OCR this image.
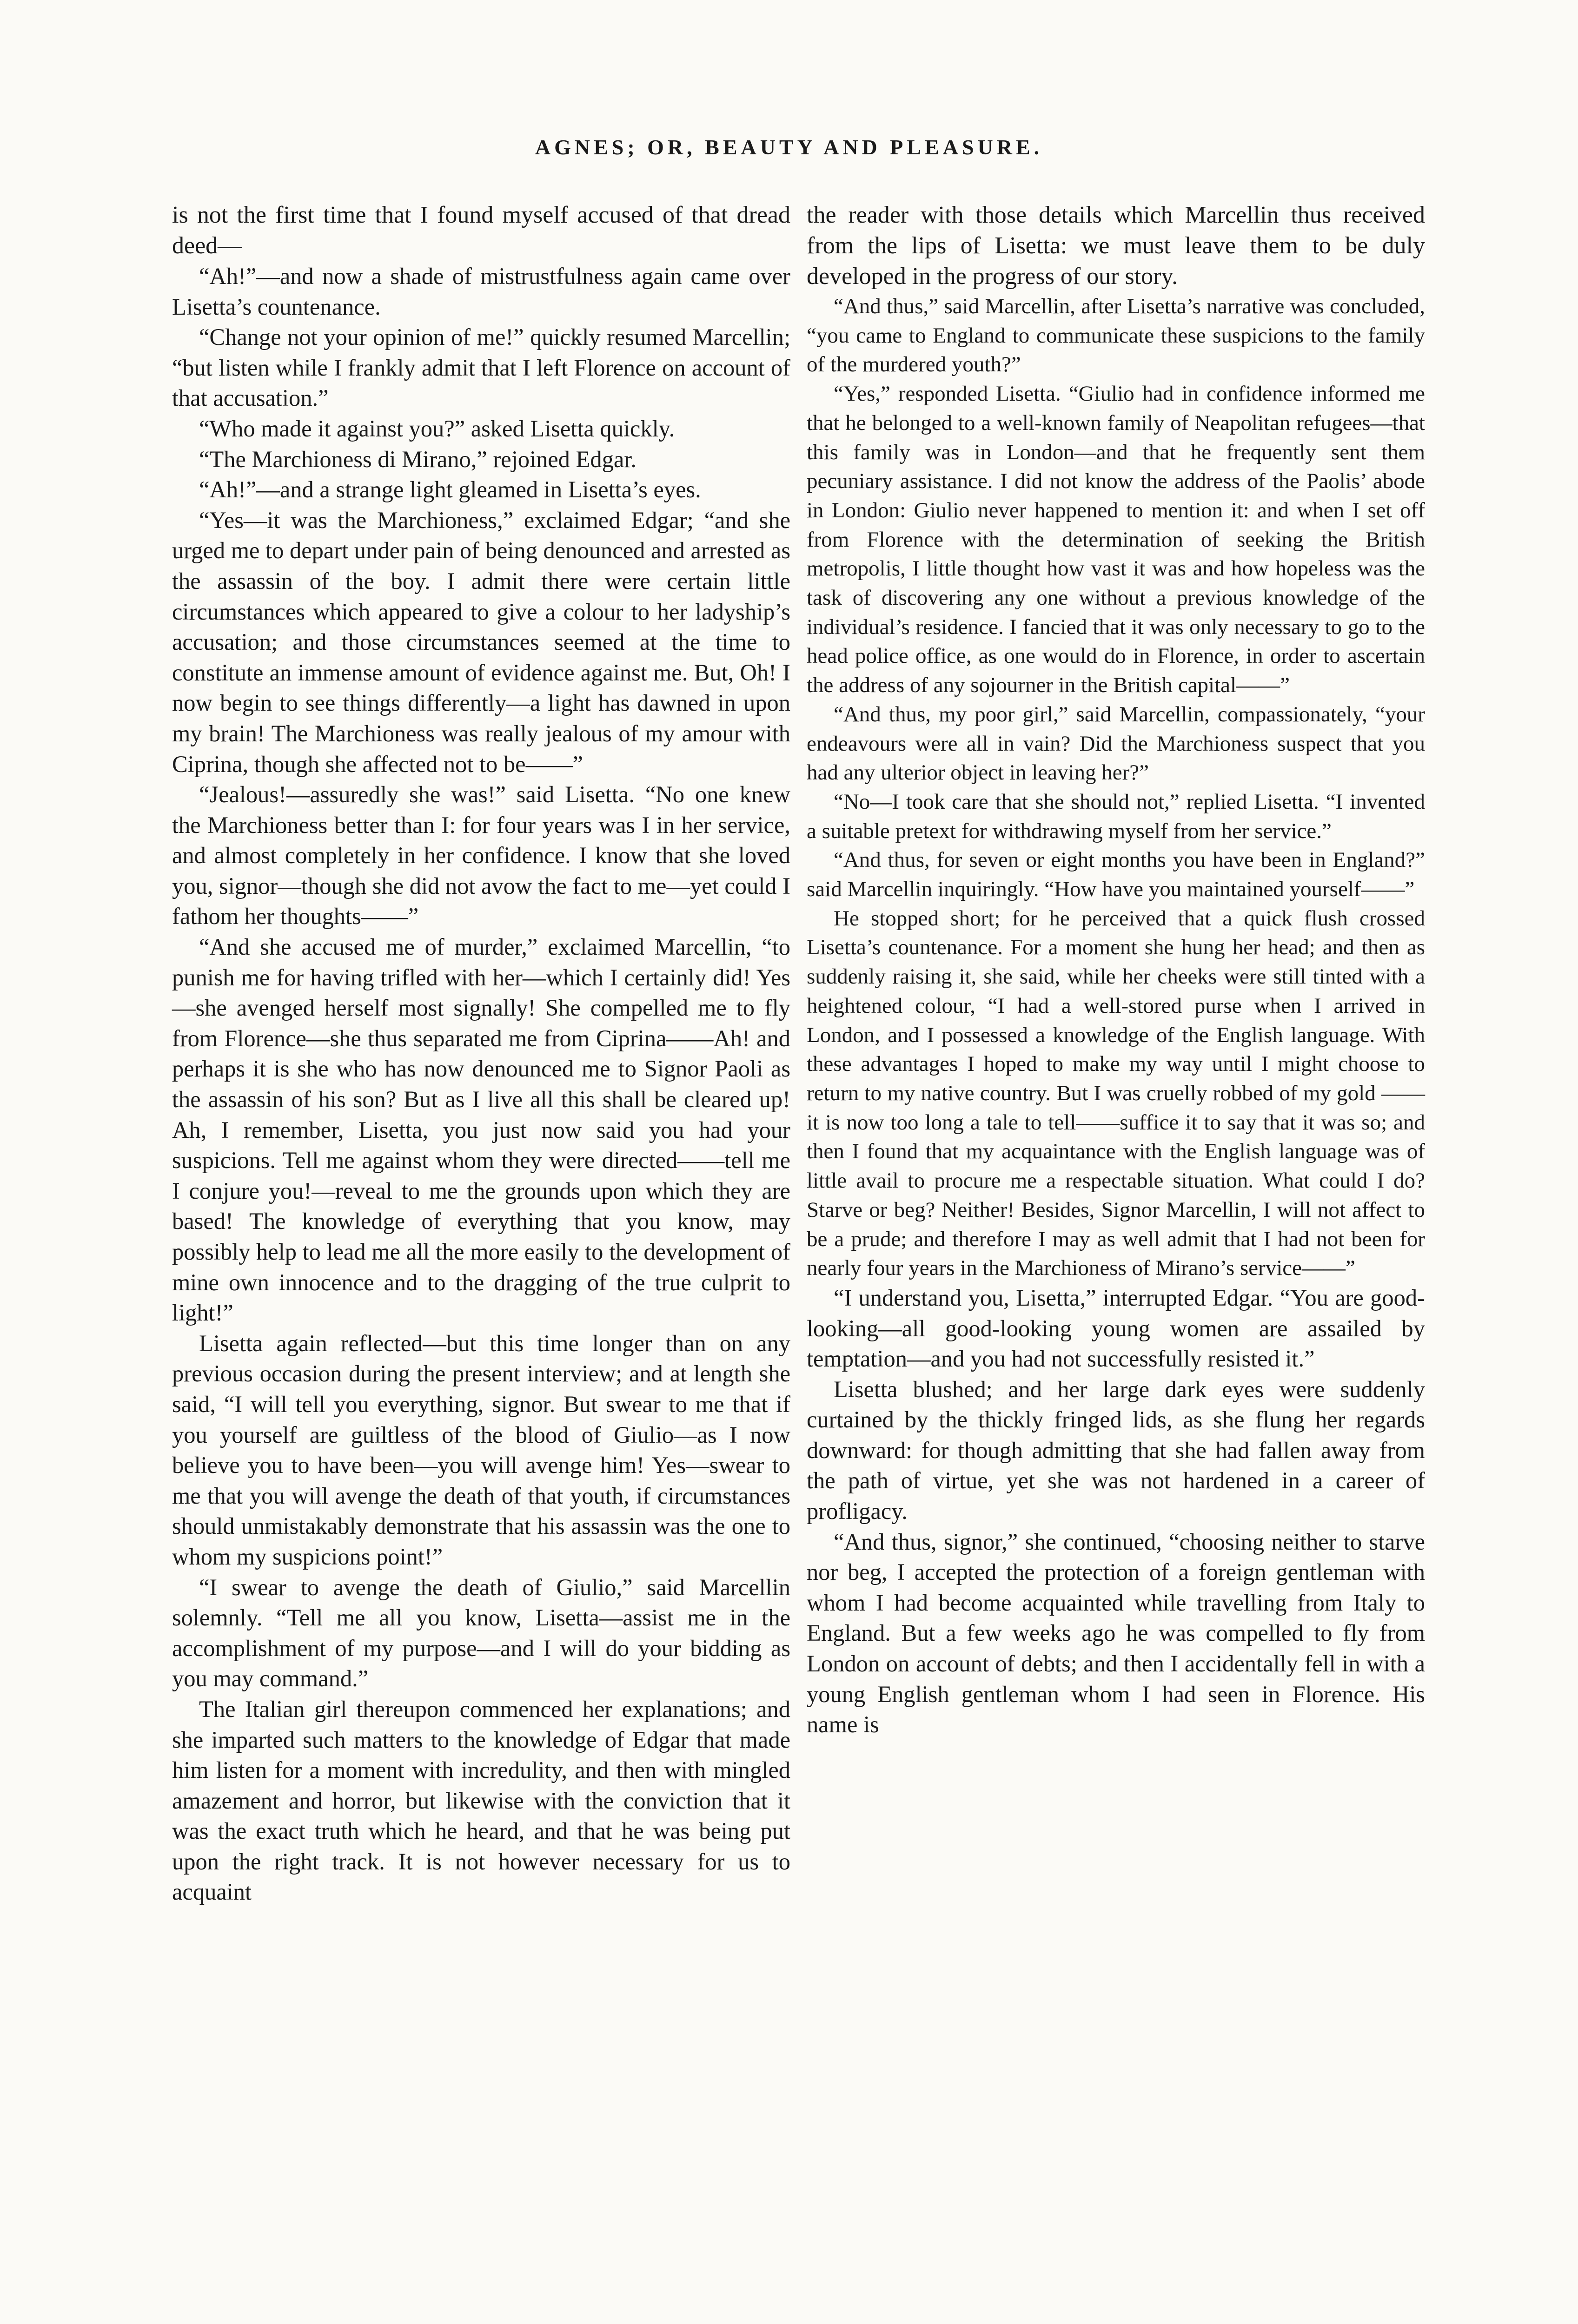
AGNES; OR, BEAUTY AND PLEASURE.

is not the first time that I found myself accused of that dread deed—

“Ah!”—and now a shade of mistrustfulness again came over Lisetta’s countenance.

“Change not your opinion of me!” quickly resumed Marcellin; “but listen while I frankly admit that I left Florence on account of that accusation.”

“Who made it against you?” asked Lisetta quickly.

“The Marchioness di Mirano,” rejoined Edgar.

“Ah!”—and a strange light gleamed in Lisetta’s eyes.

“Yes—it was the Marchioness,” exclaimed Edgar; “and she urged me to depart under pain of being denounced and arrested as the assassin of the boy. I admit there were certain little circumstances which appeared to give a colour to her ladyship’s accusation; and those circumstances seemed at the time to constitute an immense amount of evidence against me. But, Oh! I now begin to see things differently—a light has dawned in upon my brain! The Marchioness was really jealous of my amour with Ciprina, though she affected not to be——”

“Jealous!—assuredly she was!” said Lisetta. “No one knew the Marchioness better than I: for four years was I in her service, and almost completely in her confidence. I know that she loved you, signor—though she did not avow the fact to me—yet could I fathom her thoughts——”

“And she accused me of murder,” exclaimed Marcellin, “to punish me for having trifled with her—which I certainly did! Yes—she avenged herself most signally! She compelled me to fly from Florence—she thus separated me from Ciprina——Ah! and perhaps it is she who has now denounced me to Signor Paoli as the assassin of his son? But as I live all this shall be cleared up! Ah, I remember, Lisetta, you just now said you had your suspicions. Tell me against whom they were directed——tell me I conjure you!—reveal to me the grounds upon which they are based! The knowledge of everything that you know, may possibly help to lead me all the more easily to the development of mine own innocence and to the dragging of the true culprit to light!”

Lisetta again reflected—but this time longer than on any previous occasion during the present interview; and at length she said, “I will tell you everything, signor. But swear to me that if you yourself are guiltless of the blood of Giulio—as I now believe you to have been—you will avenge him! Yes—swear to me that you will avenge the death of that youth, if circumstances should unmistakably demonstrate that his assassin was the one to whom my suspicions point!”

“I swear to avenge the death of Giulio,” said Marcellin solemnly. “Tell me all you know, Lisetta—assist me in the accomplishment of my purpose—and I will do your bidding as you may command.”

The Italian girl thereupon commenced her explanations; and she imparted such matters to the knowledge of Edgar that made him listen for a moment with incredulity, and then with mingled amazement and horror, but likewise with the conviction that it was the exact truth which he heard, and that he was being put upon the right track. It is not however necessary for us to acquaint

the reader with those details which Marcellin thus received from the lips of Lisetta: we must leave them to be duly developed in the progress of our story.

“And thus,” said Marcellin, after Lisetta’s narrative was concluded, “you came to England to communicate these suspicions to the family of the murdered youth?”

“Yes,” responded Lisetta. “Giulio had in confidence informed me that he belonged to a well-known family of Neapolitan refugees—that this family was in London—and that he frequently sent them pecuniary assistance. I did not know the address of the Paolis’ abode in London: Giulio never happened to mention it: and when I set off from Florence with the determination of seeking the British metropolis, I little thought how vast it was and how hopeless was the task of discovering any one without a previous knowledge of the individual’s residence. I fancied that it was only necessary to go to the head police office, as one would do in Florence, in order to ascertain the address of any sojourner in the British capital——”

“And thus, my poor girl,” said Marcellin, compassionately, “your endeavours were all in vain? Did the Marchioness suspect that you had any ulterior object in leaving her?”

“No—I took care that she should not,” replied Lisetta. “I invented a suitable pretext for withdrawing myself from her service.”

“And thus, for seven or eight months you have been in England?” said Marcellin inquiringly. “How have you maintained yourself——”

He stopped short; for he perceived that a quick flush crossed Lisetta’s countenance. For a moment she hung her head; and then as suddenly raising it, she said, while her cheeks were still tinted with a heightened colour, “I had a well-stored purse when I arrived in London, and I possessed a knowledge of the English language. With these advantages I hoped to make my way until I might choose to return to my native country. But I was cruelly robbed of my gold ——it is now too long a tale to tell——suffice it to say that it was so; and then I found that my acquaintance with the English language was of little avail to procure me a respectable situation. What could I do? Starve or beg? Neither! Besides, Signor Marcellin, I will not affect to be a prude; and therefore I may as well admit that I had not been for nearly four years in the Marchioness of Mirano’s service——”

“I understand you, Lisetta,” interrupted Edgar. “You are good-looking—all good-looking young women are assailed by temptation—and you had not successfully resisted it.”

Lisetta blushed; and her large dark eyes were suddenly curtained by the thickly fringed lids, as she flung her regards downward: for though admitting that she had fallen away from the path of virtue, yet she was not hardened in a career of profligacy.

“And thus, signor,” she continued, “choosing neither to starve nor beg, I accepted the protection of a foreign gentleman with whom I had become acquainted while travelling from Italy to England. But a few weeks ago he was compelled to fly from London on account of debts; and then I accidentally fell in with a young English gentleman whom I had seen in Florence. His name is
